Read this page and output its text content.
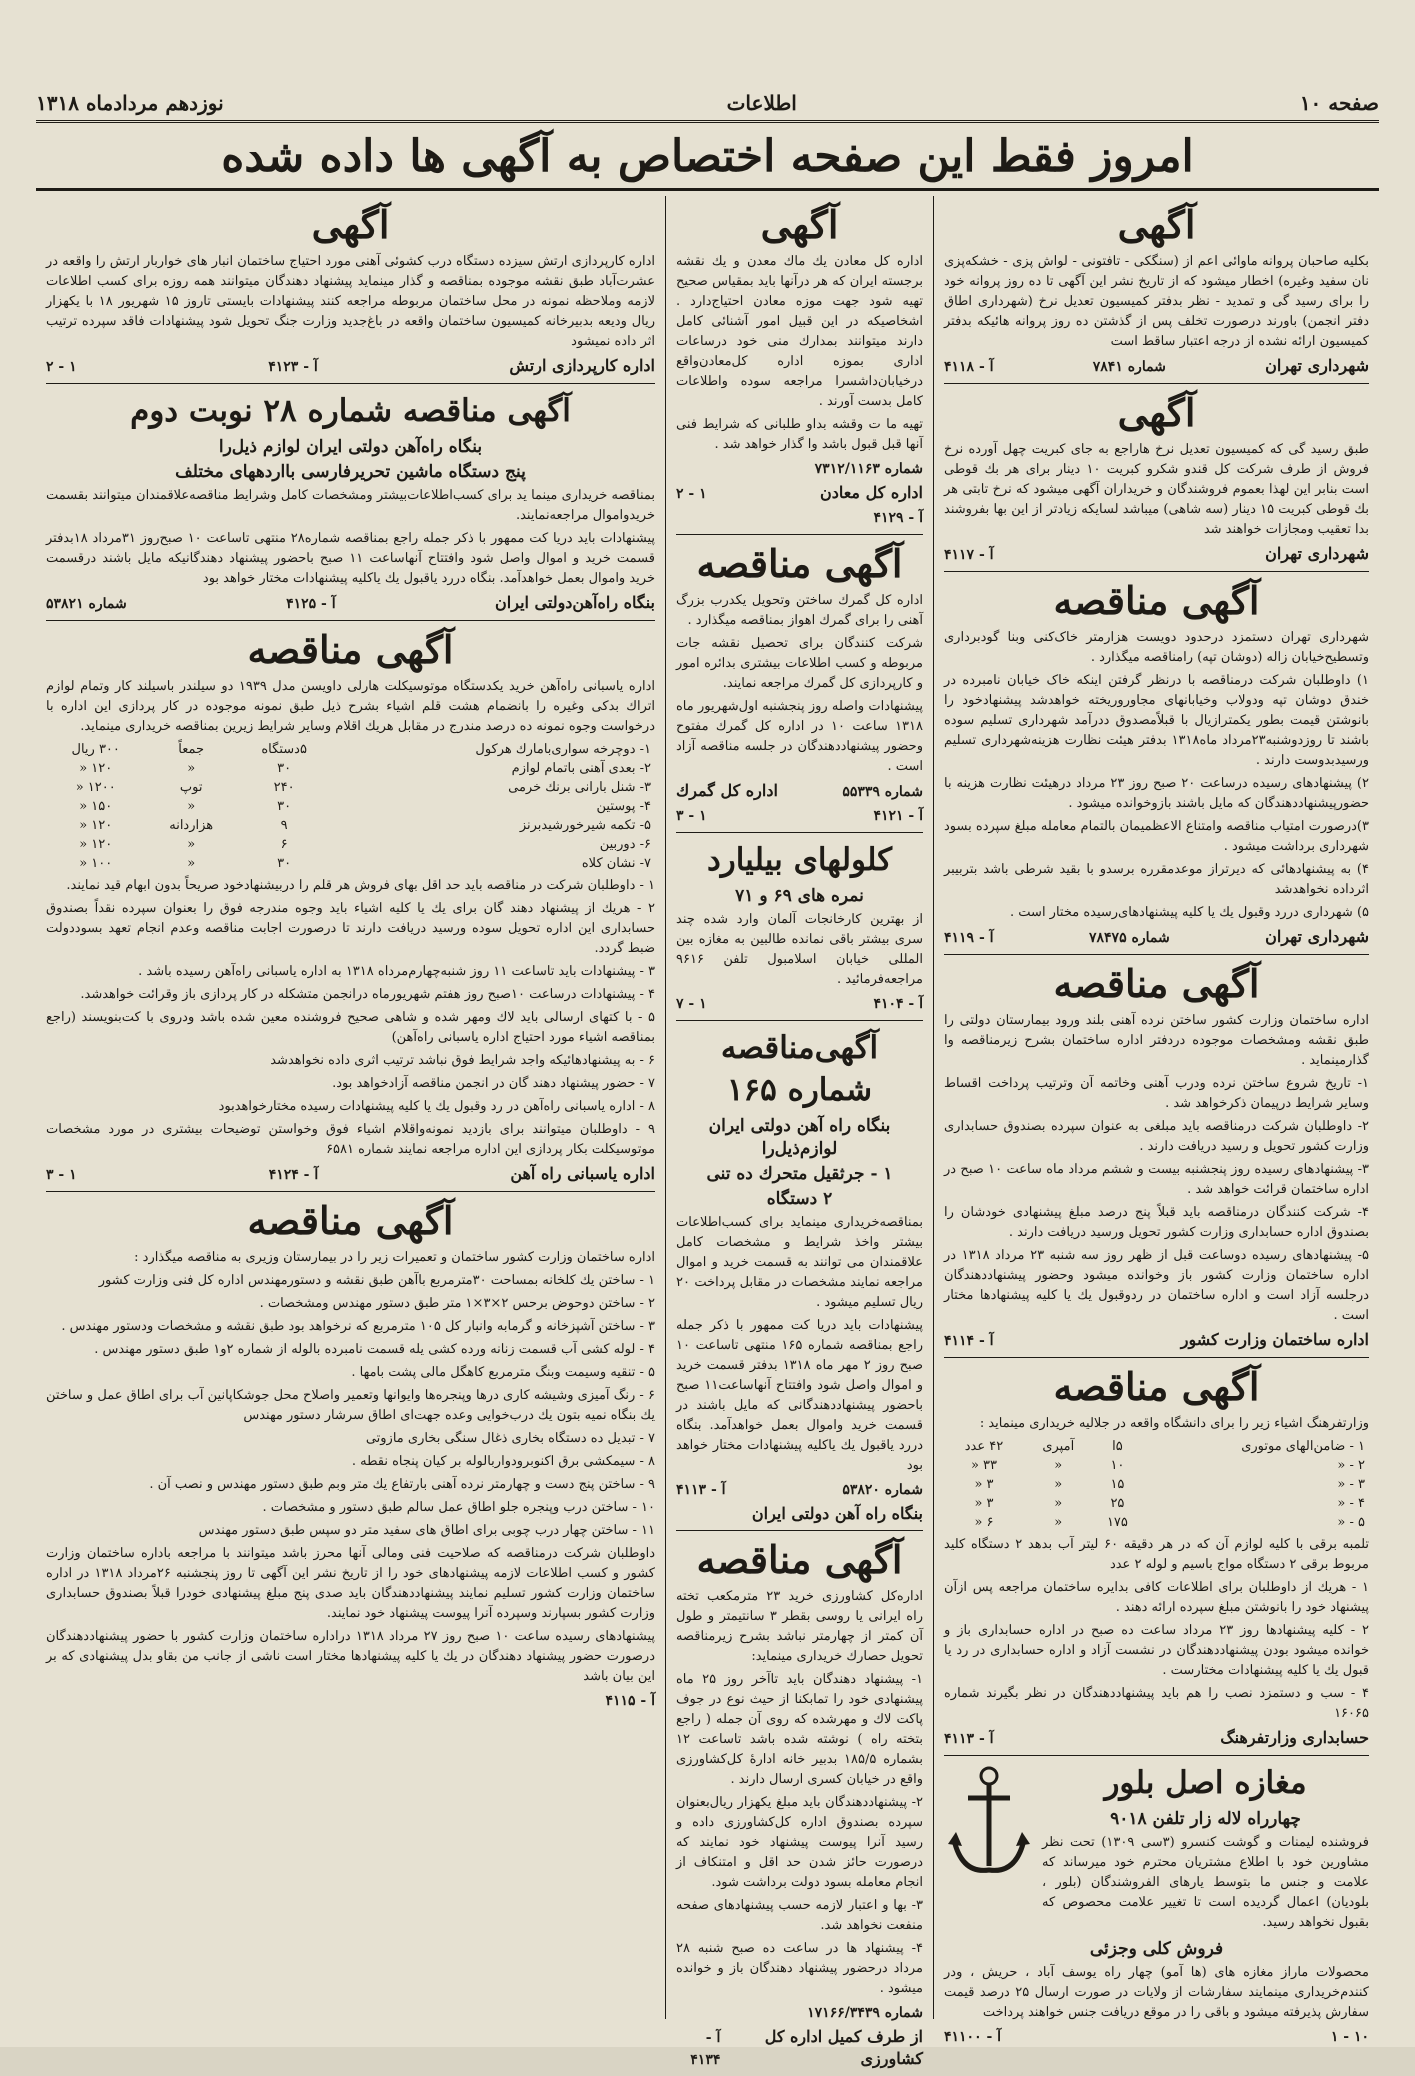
صفحه ۱۰
اطلاعات
نوزدهم مردادماه ۱۳۱۸
امروز فقط این صفحه اختصاص به آگهی ها داده شده
آگهی

بکلیه صاحبان پروانه ماوائی اعم از (سنگکی - تافتونی - لواش پزی - خشکه‌پزی نان سفید وغیره) اخطار میشود که از تاریخ نشر این آگهی تا ده روز پروانه خود را برای رسید گی و تمدید - نظر بدفتر کمیسیون تعدیل نرخ (شهرداری اطاق دفتر انجمن) باورند درصورت تخلف پس از گذشتن ده روز پروانه هائیکه بدفتر کمیسیون ارائه نشده از درجه اعتبار ساقط است

شهرداری تهران
شماره ۷۸۴۱
آ - ۴۱۱۸
آگهی

طبق رسید گی که کمیسیون تعدیل نرخ هاراجع به جای کبریت چهل آورده نرخ فروش از طرف شرکت کل قندو شکرو کبریت ۱۰ دینار برای هر بك قوطی است بنابر این لهذا بعموم فروشندگان و خریداران آگهی میشود که نرخ تابتی هر بك قوطی کبریت ۱۵ دینار (سه شاهی) میباشد لسایکه زیادتر از این بها بفروشند بدا تعقیب ومجازات خواهند شد

شهرداری تهران
آ - ۴۱۱۷
آگهی مناقصه

شهرداری تهران دستمزد درحدود دویست هزارمتر خاک‌کنی وبنا گودبرداری وتسطیح‌خیابان زاله (دوشان تپه) رامناقصه میگذارد .

۱) داوطلبان شرکت درمناقصه با درنظر گرفتن اینکه خاک خیابان نامبرده در خندق دوشان تپه ودولاب وخیابانهای مجاوروریخته خواهدشد پیشنهادخود را بانوشتن قیمت بطور یکمترازیال با قبلاًمصدوق ددرآمد شهرداری تسلیم سوده باشند تا روزدوشنبه۲۳مرداد ماه۱۳۱۸ بدفتر هیئت نظارت هزینه‌شهرداری تسلیم ورسیدبدوست دارند .

۲) پیشنهادهای رسیده درساعت ۲۰ صبح روز ۲۳ مرداد درهیئت نظارت هزینه با حضورپیشنهاددهندگان که مایل باشند بازوخوانده میشود .

۳)درصورت امتیاب مناقصه وامتناع الاعظمیمان بالتمام معامله مبلغ سپرده بسود شهرداری برداشت میشود .

۴) به پیشنهادهائی که دیرتراز موعدمقرره برسدو با بقید شرطی باشد بتربیبر اثرداده نخواهدشد

۵) شهرداری دررد وقبول یك یا کلیه پیشنهادهای‌رسیده مختار است .

شهرداری تهران
شماره ۷۸۴۷۵
آ - ۴۱۱۹
آگهی مناقصه

اداره ساختمان وزارت کشور ساختن نرده آهنی بلند ورود بیمارستان دولتی را طبق نقشه ومشخصات موجوده دردفتر اداره ساختمان بشرح زیرمناقصه وا گذارمینماید .

۱- تاریخ شروع ساختن نرده ودرب آهنی وخاتمه آن وترتیب پرداخت اقساط وسایر شرایط درپیمان ذکرخواهد شد .

۲- داوطلبان شرکت درمناقصه باید مبلغی به عنوان سپرده بصندوق حسابداری وزارت کشور تحویل و رسید دریافت دارند .

۳- پیشنهادهای رسیده روز پنجشنبه بیست و ششم مرداد ماه ساعت ۱۰ صبح در اداره ساختمان قرائت خواهد شد .

۴- شرکت کنندگان درمناقصه باید قبلاً پنج درصد مبلغ پیشنهادی خودشان را بصندوق اداره حسابداری وزارت کشور تحویل ورسید دریافت دارند .

۵- پیشنهادهای رسیده دوساعت قبل از ظهر روز سه شنبه ۲۳ مرداد ۱۳۱۸ در اداره ساختمان وزارت کشور باز وخوانده میشود وحضور پیشنهاددهندگان درجلسه آزاد است و اداره ساختمان در ردوقبول یك یا کلیه پیشنهادها مختار است .

اداره ساختمان وزارت کشور
آ - ۴۱۱۴
آگهی مناقصه

وزارتفرهنگ اشیاء زیر را برای دانشگاه واقعه در جلالیه خریداری مینماید :

۱ - ضامن‌الهای موتوری	۵ا	آمپری	۴۲ عدد
۲ - «	۱۰	«	۳۳ «
۳ - «	۱۵	«	۳ «
۴ - «	۲۵	«	۳ «
۵ - «	۱۷۵	«	۶ «

تلمبه برقی با کلیه لوازم آن که در هر دقیقه ۶۰ لیتر آب بدهد ۲ دستگاه کلید مربوط برقی ۲ دستگاه مواج باسیم و لوله ۲ عدد

۱ - هریك از داوطلبان برای اطلاعات کافی بدایره ساختمان مراجعه پس ازآن پیشنهاد خود را بانوشتن مبلغ سپرده ارائه دهند .

۲ - کلیه پیشنهادها روز ۲۳ مرداد ساعت ده صبح در اداره حسابداری باز و خوانده میشود بودن پیشنهاددهندگان در نشست آزاد و اداره حسابداری در رد یا قبول یك یا کلیه پیشنهادات مختارست .

۴ - سب و دستمزد نصب را هم باید پیشنهاددهندگان در نظر بگیرند شماره ۱۶۰۶۵

حسابداری وزارتفرهنگ
آ - ۴۱۱۳
مغازه اصل بلور
چهارراه لاله زار تلفن ۹۰۱۸

فروشنده لیمنات و گوشت کنسرو (۳سی ۱۳۰۹) تحت نظر مشاورین خود با اطلاع مشتریان محترم خود میرساند که علامت و جنس ما بتوسط یارهای الفروشندگان (بلور ، بلودیان) اعمال گردیده است تا تغییر علامت محصوص که بقبول نخواهد رسید.

فروش کلی وجزئی

محصولات ماراز مغازه های (ها آمو) چهار راه یوسف آباد ، حریش ، ودر کنندم‌خریداری‌ مینمایند سفارشات از ولایات در صورت ارسال ۲۵ درصد قیمت سفارش پذیرفته میشود و باقی را در موقع دریافت جنس خواهند پرداخت

۱۰ - ۱
آ - ۴۱۱۰۰
آگهی

اداره کل معادن یك ماك معدن و یك نقشه برجسته ایران که هر درآنها باید بمقیاس صحیح تهیه شود جهت موزه معادن احتیاج‌دارد . اشخاصیکه در این قبیل امور آشنائی کامل دارند میتوانند بمدارك منی خود درساعات اداری بموزه اداره کل‌معادن‌واقع‌ درخیابان‌داشسرا مراجعه سوده واطلاعات کامل بدست آورند .

تهیه ما ت وقشه بداو طلبانی که شرایط فنی آنها قبل قبول باشد وا گذار خواهد شد .

شماره ۷۳۱۲/۱۱۶۳
اداره کل معادن
۱ - ۲
آ - ۴۱۲۹
آگهی مناقصه

اداره کل گمرك ساختن وتحویل يکدرب بزرگ آهنی را برای گمرك اهواز بمناقصه میگذارد .

شرکت کنندگان برای تحصیل نقشه جات مربوطه و کسب اطلاعات بیشتری بدائره امور و کارپردازی کل گمرك مراجعه نمایند.

پیشنهادات واصله روز پنجشنبه اول‌شهریور ماه ۱۳۱۸ ساعت ۱۰ در اداره کل گمرك مفتوح وحضور پیشنهاددهندگان در جلسه مناقصه آزاد است .

شماره ۵۵۳۳۹
اداره کل گمرك
آ - ۴۱۲۱
۱ - ۳
کلولهای بیلیارد
نمره های ۶۹ و ۷۱

از بهترین کارخانجات آلمان وارد شده چند سری بیشتر باقی نمانده طالبین به مغازه بین المللی خیابان اسلامبول تلفن ۹۶۱۶ مراجعه‌فرمائید .

آ - ۴۱۰۴
۱ - ۷
آگهی‌مناقصه شماره ۱۶۵
بنگاه راه آهن دولتی ایران لوازم‌ذیل‌را
۱ - جرثقیل متحرك ده تنی
۲ دستگاه

بمناقصه‌خریداری مینماید برای کسب‌اطلاعات بیشتر واخذ شرایط و مشخصات کامل علاقمندان می توانند به قسمت خرید و اموال مراجعه نمایند مشخصات در مقابل پرداخت ۲۰ ریال تسلیم میشود .

پیشنهادات باید دریا کت ممهور با ذکر جمله راجع بمناقصه شماره ۱۶۵ منتهی تاساعت ۱۰ صبح روز ۲ مهر ماه ۱۳۱۸ بدفتر قسمت خرید و اموال واصل شود وافتتاح آنهاساعت۱۱ صبح باحضور پیشنهاددهندگانی که مایل باشند در قسمت خرید واموال بعمل خواهدآمد. بنگاه دررد یاقبول یك یاکلیه پیشنهادات مختار خواهد بود

شماره ۵۳۸۲۰
آ - ۴۱۱۳
بنگاه راه آهن دولتی ایران
آگهی مناقصه

اداره‌کل کشاورزی خرید ۲۳ مترمکعب تخته راه ایرانی یا روسی بقطر ۳ سانتیمتر و طول آن کمتر از چهارمتر نباشد بشرح زیرمناقصه تحویل حصارك خریداری مینماید:

۱- پیشنهاد دهندگان باید تاآخر روز ۲۵ ماه پیشنهادی خود را تمابکنا از حیث نوع در جوف پاکت لاك و مهرشده که روی آن جمله ( راجع بتخته راه ) نوشته شده باشد تاساعت ۱۲ بشماره ۱۸۵/۵ بدبیر خانه ادارهٔ کل‌کشاورزی واقع در خیابان کسری ارسال دارند .

۲- پیشنهاددهندگان باید مبلغ یکهزار ریال‌بعنوان سپرده بصندوق اداره کل‌کشاورزی داده و رسید آنرا پیوست پیشنهاد خود نمایند که درصورت حائز شدن حد اقل و امتنکاف از انجام معامله بسود دولت برداشت شود.

۳- بها و اعتبار لازمه حسب پیشنهادهای صفحه منفعت نخواهد شد.

۴- پیشنهاد ها در ساعت ده صبح شنبه ۲۸ مرداد درحضور پیشنهاد دهندگان باز و خوانده میشود .

شماره ۱۷۱۶۶/۳۴۳۹
از طرف کمیل اداره کل کشاورزی
آ - ۴۱۳۴
آگهی

اداره کارپردازی ارتش سیزده دستگاه درب کشوئی آهنی مورد احتیاج ساختمان انبار های خواربار ارتش را واقعه در عشرت‌آباد طبق نقشه موجوده بمناقصه و گذار مینماید پیشنهاد دهندگان میتوانند همه روزه برای کسب اطلاعات لازمه وملاحظه نمونه در محل ساختمان مربوطه مراجعه کنند پیشنهادات بایستی تاروز ۱۵ شهریور ۱۸ با یکهزار ریال ودیعه بدبیرخانه کمیسیون ساختمان واقعه در باغ‌جدید وزارت جنگ تحویل شود پیشنهادات فاقد سپرده ترتیب اثر داده نمیشود

اداره کارپردازی ارتش
آ - ۴۱۲۳
۱ - ۲
آگهی مناقصه شماره ۲۸ نوبت دوم
بنگاه راه‌آهن دولتی ایران لوازم ذیل‌را
پنج دستگاه ماشین تحریرفارسی بااردههای مختلف

بمناقصه خریداری مینما ید برای کسب‌اطلاعات‌بیشتر ومشخصات کامل وشرایط مناقصه‌علاقمندان میتوانند‌ بقسمت خریدواموال مراجعه‌نمایند.

پیشنهادات باید دریا کت ممهور با ذکر جمله راجع بمناقصه شماره۲۸ منتهی تاساعت ۱۰ صبح‌روز ۳۱مرداد ۱۸بدفتر قسمت خرید و اموال واصل شود وافتتاح آنها‌ساعت ۱۱ صبح باحضور پیشنهاد دهندگانیکه مایل باشند درقسمت خرید واموال بعمل خواهدآمد. بنگاه دررد یاقبول یك یاکلیه پیشنهادات مختار خواهد بود

بنگاه راه‌آهن‌دولتی ایران
آ - ۴۱۲۵
شماره ۵۳۸۲۱
آگهی مناقصه

اداره یاسبانی راه‌آهن خرید یکدستگاه موتوسیکلت هارلی داویسن مدل ۱۹۳۹ دو سیلندر باسیلند کار وتمام لوازم اتراك بدکی وغیره را بانضمام هشت قلم اشیاء بشرح ذیل طبق نمونه موجوده در کار پردازی این اداره با درخواست وجوه نمونه ده درصد مندرج در مقابل هریك اقلام وسایر شرایط زیرین بمناقصه خریداری مینماید.

۱- دوچرخه سواری‌بامارك هرکول	۵دستگاه	جمعاً	۳۰۰ ریال
۲- بعدی آهنی باتمام لوازم	۳۰	«	۱۲۰ «
۳- شنل بارانی برنك خرمی	۲۴۰	توپ	۱۲۰۰ «
۴- پوستین	۳۰	«	۱۵۰ «
۵- تکمه شیرخورشیدبرنز	۹	هزاردانه	۱۲۰ «
۶- دوربین	۶	«	۱۲۰ «
۷- نشان کلاه	۳۰	«	۱۰۰ «

۱ - داوطلبان شرکت در مناقصه باید حد اقل بهای فروش هر قلم را دربیشنهادخود صریحاً بدون ابهام قید نمایند.

۲ - هریك از پیشنهاد دهند گان برای یك یا کلیه اشیاء باید وجوه مندرجه فوق را بعنوان سپرده نقداً بصندوق حسابداری این اداره تحویل سوده ورسید دریافت دارند تا درصورت اجابت مناقصه وعدم انجام تعهد بسوددولت ضبط گردد.

۳ - پیشنهادات باید تاساعت ۱۱ روز شنبه‌چهارم‌مرداه ۱۳۱۸ به اداره یاسبانی راه‌آهن رسیده باشد .

۴ - پیشنهادات درساعت ۱۰صبح روز هفتم شهریورماه درانجمن متشکله در کار پردازی باز وقرائت خواهدشد.

۵ - با کتهای ارسالی باید لاك ومهر شده و شاهی صحیح فروشنده معین شده باشد ودروی‌ با کت‌بنویسند (راجع بمناقصه اشیاء مورد احتیاج اداره یاسبانی راه‌آهن)

۶ - به پیشنهادهائیکه واجد شرایط فوق نباشد ترتیب اثری داده نخواهدشد

۷ - حضور پیشنهاد دهند گان در انجمن مناقصه آزادخواهد بود.

۸ - اداره یاسبانی راه‌آهن در رد وقبول یك یا کلیه پیشنهادات رسیده مختارخواهدبود

۹ - داوطلبان میتوانند برای بازدید نمونه‌واقلام اشیاء فوق وخواستن توضیحات بیشتری در مورد مشخصات موتوسیکلت بکار پردازی این اداره مراجعه نمایند شماره ۶۵۸۱

اداره یاسبانی راه آهن
آ - ۴۱۲۴
۱ - ۳
آگهی مناقصه

اداره ساختمان وزارت کشور ساختمان و تعمیرات زیر را در بیمارستان وزیری به مناقصه میگذارد :

۱ - ساختن یك کلخانه بمساحت ۳۰مترمربع باآهن طبق نقشه و دستورمهندس اداره کل فنی وزارت کشور

۲ - ساختن دوحوض برحس ۲×۳×۱ متر طبق دستور مهندس ومشخصات .

۳ - ساختن آشپزخانه و گرمابه وانبار کل ۱۰۵ مترمربع که نرخواهد بود طبق نقشه و مشخصات ودستور مهندس .

۴ - لوله کشی آب قسمت زنانه ورده کشی یله قسمت نامبرده بالوله از شماره ۲و۱ طبق دستور مهندس .

۵ - تنقیه وسیمت وبنگ مترمربع کاهگل مالی پشت بامها .

۶ - رنگ آمیزی وشیشه کاری درها وپنجره‌ها وایوانها وتعمیر واصلاح محل جوشکاپانین آب برای اطاق عمل و ساختن یك بنگاه نمیه بتون یك درب‌خوایی وعده جهت‌ای‌ اطاق سرشار دستور مهندس

۷ - تبدیل ده دستگاه بخاری ذغال سنگی بخاری مازوتی

۸ - سیمکشی برق اکنوبرودواربالوله بر کیان پنجاه نقطه .

۹ - ساختن پنج دست و چهارمتر نرده آهنی بارتفاع یك متر وبم طبق دستور مهندس و نصب آن .

۱۰ - ساختن درب وپنجره جلو اطاق عمل سالم طبق دستور و مشخصات .

۱۱ - ساختن چهار درب چوبی برای اطاق های سفید متر دو سپس طبق دستور مهندس

داوطلبان شرکت درمناقصه که صلاحیت فنی ومالی آنها محرز باشد میتوانند با مراجعه باداره ساختمان وزارت کشور و کسب اطلاعات لازمه پیشنهادهای خود را از تاریخ نشر این آگهی تا روز پنجشنبه ۲۶مرداد ۱۳۱۸ در اداره ساختمان وزارت کشور تسلیم نمایند پیشنهاددهندگان باید صدی پنج مبلغ پیشنهادی خودرا قبلاً بصندوق حسابداری وزارت کشور بسپارند وسپرده آنرا پیوست پیشنهاد خود نمایند.

پیشنهادهای رسیده ساعت ۱۰ صبح روز ۲۷ مرداد ۱۳۱۸ دراداره ساختمان وزارت کشور با حضور پیشنهاددهندگان درصورت حضور پیشنهاد دهندگان در یك یا کلیه پیشنهادها مختار است ناشی از جانب من بقاو بدل پیشنهادی که بر این بیان باشد

آ - ۴۱۱۵
